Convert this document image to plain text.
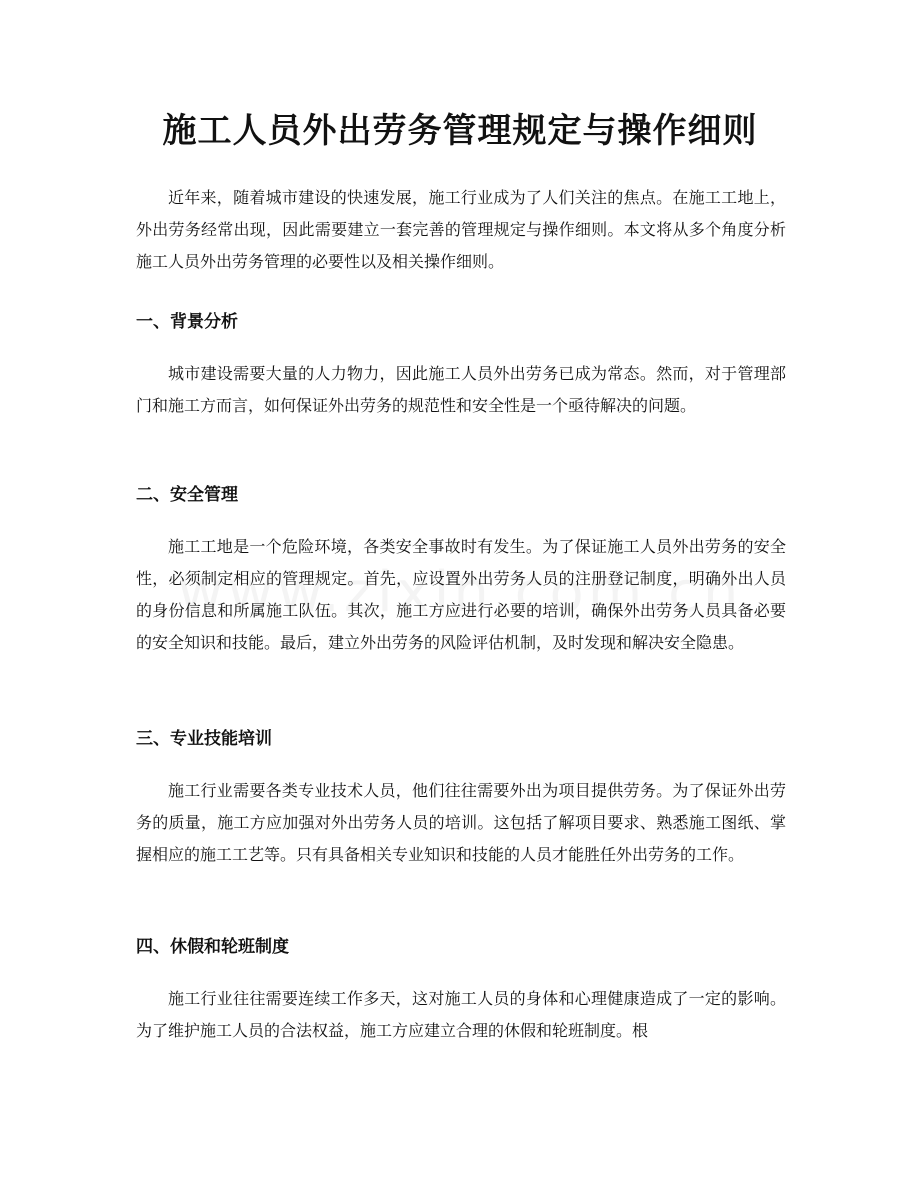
施工人员外出劳务管理规定与操作细则

近年来，随着城市建设的快速发展，施工行业成为了人们关注的焦点。在施工工地上，外出劳务经常出现，因此需要建立一套完善的管理规定与操作细则。本文将从多个角度分析施工人员外出劳务管理的必要性以及相关操作细则。

一、背景分析

城市建设需要大量的人力物力，因此施工人员外出劳务已成为常态。然而，对于管理部门和施工方而言，如何保证外出劳务的规范性和安全性是一个亟待解决的问题。

二、安全管理

施工工地是一个危险环境，各类安全事故时有发生。为了保证施工人员外出劳务的安全性，必须制定相应的管理规定。首先，应设置外出劳务人员的注册登记制度，明确外出人员的身份信息和所属施工队伍。其次，施工方应进行必要的培训，确保外出劳务人员具备必要的安全知识和技能。最后，建立外出劳务的风险评估机制，及时发现和解决安全隐患。

三、专业技能培训

施工行业需要各类专业技术人员，他们往往需要外出为项目提供劳务。为了保证外出劳务的质量，施工方应加强对外出劳务人员的培训。这包括了解项目要求、熟悉施工图纸、掌握相应的施工工艺等。只有具备相关专业知识和技能的人员才能胜任外出劳务的工作。

四、休假和轮班制度

施工行业往往需要连续工作多天，这对施工人员的身体和心理健康造成了一定的影响。为了维护施工人员的合法权益，施工方应建立合理的休假和轮班制度。根
